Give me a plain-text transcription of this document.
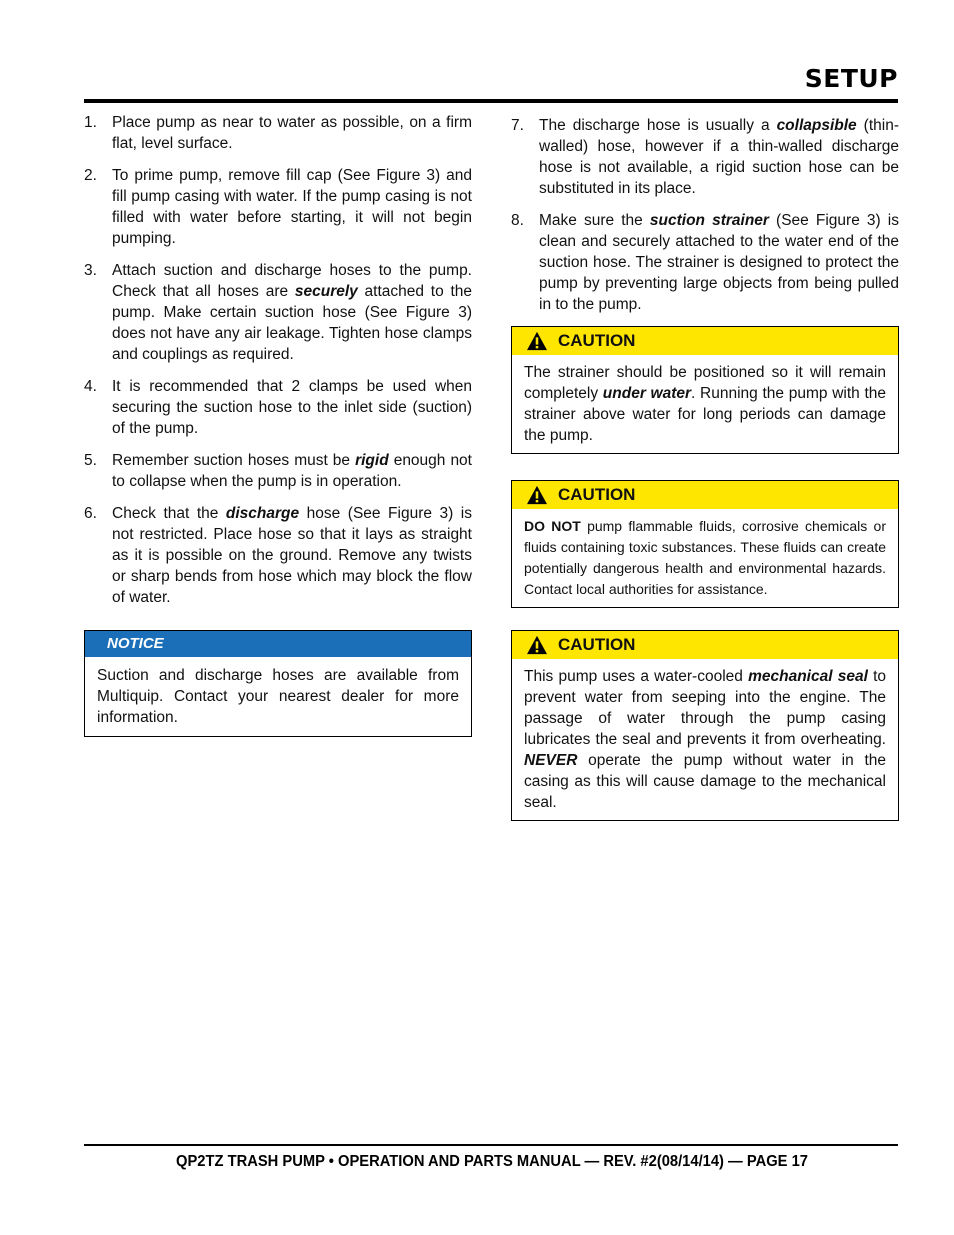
SETUP
1. Place pump as near to water as possible, on a firm flat, level surface.
2. To prime pump, remove fill cap (See Figure 3) and fill pump casing with water. If the pump casing is not filled with water before starting, it will not begin pumping.
3. Attach suction and discharge hoses to the pump. Check that all hoses are securely attached to the pump. Make certain suction hose (See Figure 3) does not have any air leakage. Tighten hose clamps and couplings as required.
4. It is recommended that 2 clamps be used when securing the suction hose to the inlet side (suction) of the pump.
5. Remember suction hoses must be rigid enough not to collapse when the pump is in operation.
6. Check that the discharge hose (See Figure 3) is not restricted. Place hose so that it lays as straight as it is possible on the ground. Remove any twists or sharp bends from hose which may block the flow of water.
NOTICE
Suction and discharge hoses are available from Multiquip. Contact your nearest dealer for more information.
7. The discharge hose is usually a collapsible (thin-walled) hose, however if a thin-walled discharge hose is not available, a rigid suction hose can be substituted in its place.
8. Make sure the suction strainer (See Figure 3) is clean and securely attached to the water end of the suction hose. The strainer is designed to protect the pump by preventing large objects from being pulled in to the pump.
CAUTION
The strainer should be positioned so it will remain completely under water. Running the pump with the strainer above water for long periods can damage the pump.
CAUTION
DO NOT pump flammable fluids, corrosive chemicals or fluids containing toxic substances. These fluids can create potentially dangerous health and environmental hazards. Contact local authorities for assistance.
CAUTION
This pump uses a water-cooled mechanical seal to prevent water from seeping into the engine. The passage of water through the pump casing lubricates the seal and prevents it from overheating. NEVER operate the pump without water in the casing as this will cause damage to the mechanical seal.
QP2TZ TRASH PUMP • OPERATION AND PARTS MANUAL — REV. #2(08/14/14) — PAGE 17
